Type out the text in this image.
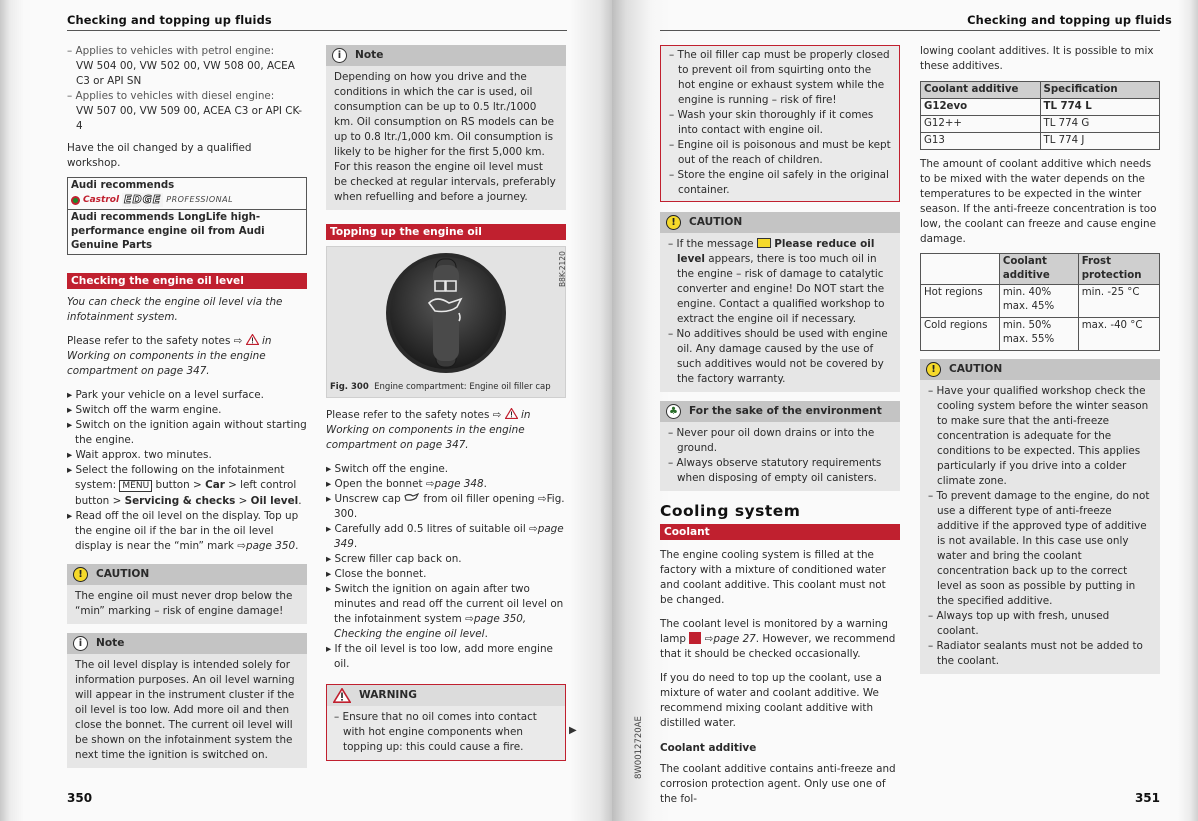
Checking and topping up fluids
– Applies to vehicles with petrol engine:
VW 504 00, VW 502 00, VW 508 00, ACEA C3 or API SN
– Applies to vehicles with diesel engine:
VW 507 00, VW 509 00, ACEA C3 or API CK-4
Have the oil changed by a qualified workshop.
Audi recommends
Castrol EDGE PROFESSIONAL

Audi recommends LongLife high-performance engine oil from Audi Genuine Parts
Checking the engine oil level
You can check the engine oil level via the infotainment system.
Please refer to the safety notes ⇨  in Working on components in the engine compartment on page 347.
▸ Park your vehicle on a level surface.
▸ Switch off the warm engine.
▸ Switch on the ignition again without starting the engine.
▸ Wait approx. two minutes.
▸ Select the following on the infotainment system: MENU button > Car > left control button > Servicing & checks > Oil level.
▸ Read off the oil level on the display. Top up the engine oil if the bar in the oil level display is near the “min” mark ⇨page 350.
!	CAUTION
The engine oil must never drop below the “min” marking – risk of engine damage!
i	Note
The oil level display is intended solely for information purposes. An oil level warning will appear in the instrument cluster if the oil level is too low. Add more oil and then close the bonnet. The current oil level will be shown on the infotainment system the next time the ignition is switched on.
i	Note
Depending on how you drive and the conditions in which the car is used, oil consumption can be up to 0.5 ltr./1000 km. Oil consumption on RS models can be up to 0.8 ltr./1,000 km. Oil consumption is likely to be higher for the first 5,000 km. For this reason the engine oil level must be checked at regular intervals, preferably when refuelling and before a journey.
Topping up the engine oil
Fig. 300 Engine compartment: Engine oil filler cap
B8K-2120
Please refer to the safety notes ⇨  in Working on components in the engine compartment on page 347.
▸ Switch off the engine.
▸ Open the bonnet ⇨page 348.
▸ Unscrew cap  from oil filler opening ⇨Fig. 300.
▸ Carefully add 0.5 litres of suitable oil ⇨page 349.
▸ Screw filler cap back on.
▸ Close the bonnet.
▸ Switch the ignition on again after two minutes and read off the current oil level on the infotainment system ⇨page 350, Checking the engine oil level.
▸ If the oil level is too low, add more engine oil.
WARNING
– Ensure that no oil comes into contact with hot engine components when topping up: this could cause a fire.
▶
350
Checking and topping up fluids
8W0012720AE
– The oil filler cap must be properly closed to prevent oil from squirting onto the hot engine or exhaust system while the engine is running – risk of fire!
– Wash your skin thoroughly if it comes into contact with engine oil.
– Engine oil is poisonous and must be kept out of the reach of children.
– Store the engine oil safely in the original container.
!	CAUTION
– If the message Please reduce oil level appears, there is too much oil in the engine – risk of damage to catalytic converter and engine! Do NOT start the engine. Contact a qualified workshop to extract the engine oil if necessary.
– No additives should be used with engine oil. Any damage caused by the use of such additives would not be covered by the factory warranty.
♣ For the sake of the environment
– Never pour oil down drains or into the ground.
– Always observe statutory requirements when disposing of empty oil canisters.
Cooling system
Coolant
The engine cooling system is filled at the factory with a mixture of conditioned water and coolant additive. This coolant must not be changed.
The coolant level is monitored by a warning lamp  ⇨page 27. However, we recommend that it should be checked occasionally.
If you do need to top up the coolant, use a mixture of water and coolant additive. We recommend mixing coolant additive with distilled water.
Coolant additive
The coolant additive contains anti-freeze and corrosion protection agent. Only use one of the fol-
lowing coolant additives. It is possible to mix these additives.
Coolant additive	Specification
G12evo	TL 774 L
G12++	TL 774 G
G13	TL 774 J
The amount of coolant additive which needs to be mixed with the water depends on the temperatures to be expected in the winter season. If the anti-freeze concentration is too low, the coolant can freeze and cause engine damage.
	Coolant additive	Frost protection
Hot regions	min. 40% max. 45%	min. -25 °C
Cold regions	min. 50% max. 55%	max. -40 °C
!	CAUTION
– Have your qualified workshop check the cooling system before the winter season to make sure that the anti-freeze concentration is adequate for the conditions to be expected. This applies particularly if you drive into a colder climate zone.
– To prevent damage to the engine, do not use a different type of anti-freeze additive if the approved type of additive is not available. In this case use only water and bring the coolant concentration back up to the correct level as soon as possible by putting in the specified additive.
– Always top up with fresh, unused coolant.
– Radiator sealants must not be added to the coolant.
351
